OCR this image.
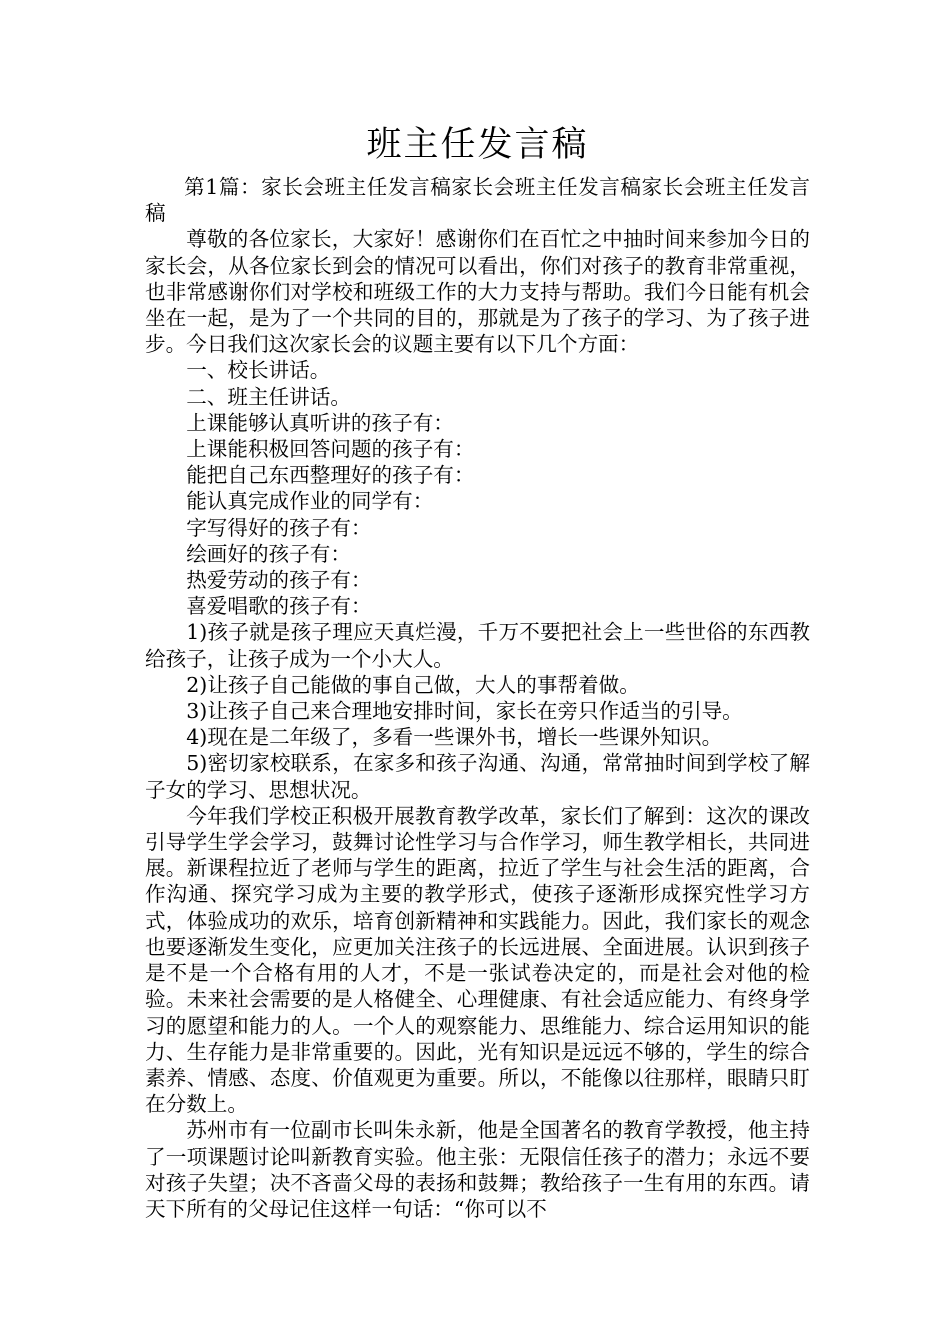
班主任发言稿

第1篇：家长会班主任发言稿家长会班主任发言稿家长会班主任发言稿

尊敬的各位家长，大家好！感谢你们在百忙之中抽时间来参加今日的家长会，从各位家长到会的情况可以看出，你们对孩子的教育非常重视，也非常感谢你们对学校和班级工作的大力支持与帮助。我们今日能有机会坐在一起，是为了一个共同的目的，那就是为了孩子的学习、为了孩子进步。今日我们这次家长会的议题主要有以下几个方面：

一、校长讲话。

二、班主任讲话。

上课能够认真听讲的孩子有：

上课能积极回答问题的孩子有：

能把自己东西整理好的孩子有：

能认真完成作业的同学有：

字写得好的孩子有：

绘画好的孩子有：

热爱劳动的孩子有：

喜爱唱歌的孩子有：

1)孩子就是孩子理应天真烂漫，千万不要把社会上一些世俗的东西教给孩子，让孩子成为一个小大人。

2)让孩子自己能做的事自己做，大人的事帮着做。

3)让孩子自己来合理地安排时间，家长在旁只作适当的引导。

4)现在是二年级了，多看一些课外书，增长一些课外知识。

5)密切家校联系，在家多和孩子沟通、沟通，常常抽时间到学校了解子女的学习、思想状况。

今年我们学校正积极开展教育教学改革，家长们了解到：这次的课改引导学生学会学习，鼓舞讨论性学习与合作学习，师生教学相长，共同进展。新课程拉近了老师与学生的距离，拉近了学生与社会生活的距离，合作沟通、探究学习成为主要的教学形式，使孩子逐渐形成探究性学习方式，体验成功的欢乐，培育创新精神和实践能力。因此，我们家长的观念也要逐渐发生变化，应更加关注孩子的长远进展、全面进展。认识到孩子是不是一个合格有用的人才，不是一张试卷决定的，而是社会对他的检验。未来社会需要的是人格健全、心理健康、有社会适应能力、有终身学习的愿望和能力的人。一个人的观察能力、思维能力、综合运用知识的能力、生存能力是非常重要的。因此，光有知识是远远不够的，学生的综合素养、情感、态度、价值观更为重要。所以，不能像以往那样，眼睛只盯在分数上。

苏州市有一位副市长叫朱永新，他是全国著名的教育学教授，他主持了一项课题讨论叫新教育实验。他主张：无限信任孩子的潜力；永远不要对孩子失望；决不吝啬父母的表扬和鼓舞；教给孩子一生有用的东西。请天下所有的父母记住这样一句话：“你可以不
